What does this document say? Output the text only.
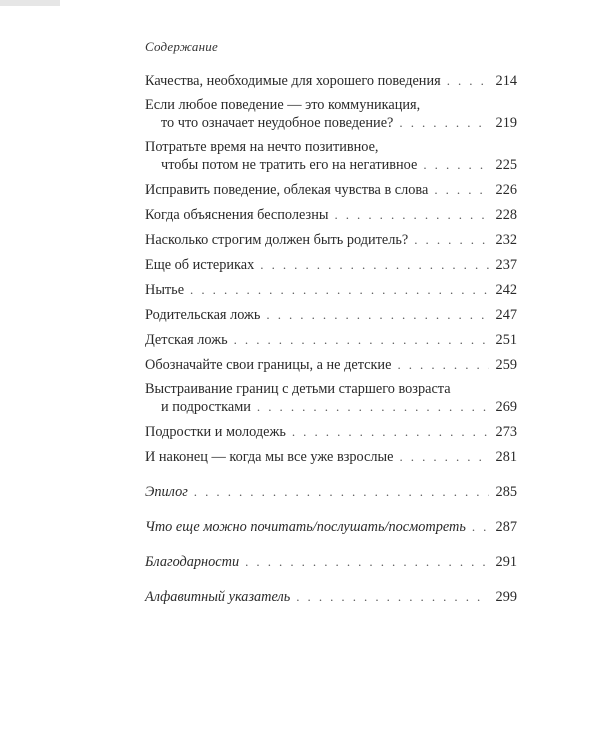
Содержание
Качества, необходимые для хорошего поведения . . .	214
Если любое поведение — это коммуникация,
то что означает неудобное поведение? . . .	219
Потратьте время на нечто позитивное,
чтобы потом не тратить его на негативное . . .	225
Исправить поведение, облекая чувства в слова . . .	226
Когда объяснения бесполезны . . .	228
Насколько строгим должен быть родитель? . . .	232
Еще об истериках . . .	237
Нытье . . .	242
Родительская ложь . . .	247
Детская ложь . . .	251
Обозначайте свои границы, а не детские . . .	259
Выстраивание границ с детьми старшего возраста
и подростками . . .	269
Подростки и молодежь . . .	273
И наконец — когда мы все уже взрослые . . .	281
Эпилог . . .	285
Что еще можно почитать/послушать/посмотреть . . . 287
Благодарности . . .	291
Алфавитный указатель . . .	299
